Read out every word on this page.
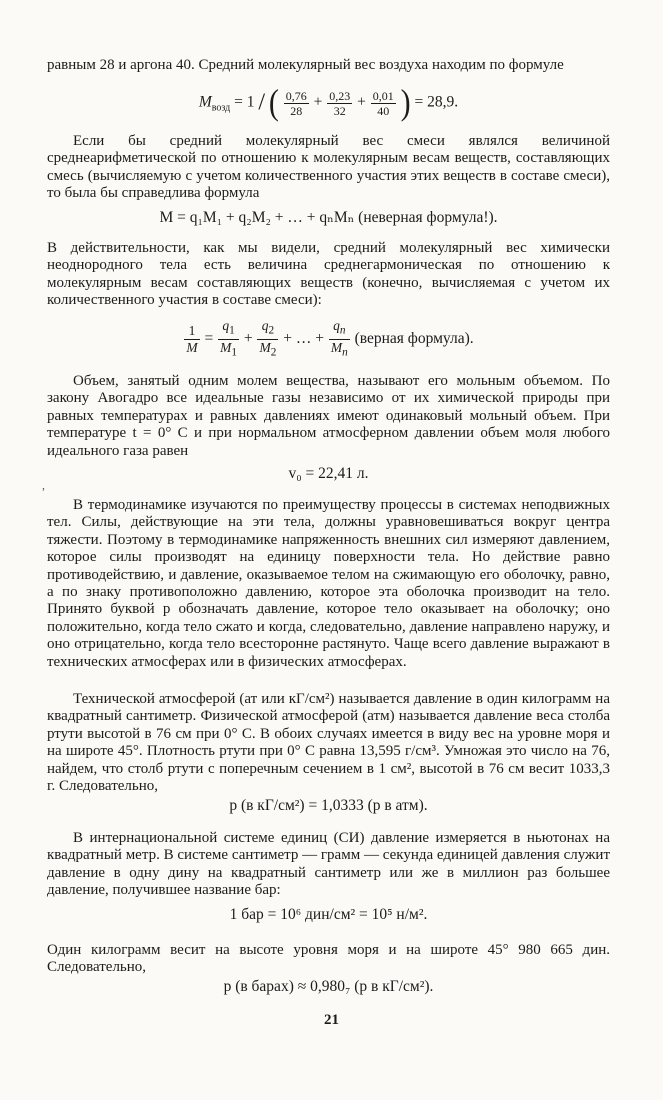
равным 28 и аргона 40. Средний молекулярный вес воздуха находим по формуле

$M_{возд} = 1$ / ( $\frac{0,76}{28} + \frac{0,23}{32} + \frac{0,01}{40}$ ) = 28,9.

Если бы средний молекулярный вес смеси являлся величиной среднеарифметической по отношению к молекулярным весам веществ, составляющих смесь (вычисляемую с учетом количественного участия этих веществ в составе смеси), то была бы справедлива формула

M = q₁M₁ + q₂M₂ + … + qₙMₙ (неверная формула!).

В действительности, как мы видели, средний молекулярный вес химически неоднородного тела есть величина среднегармоническая по отношению к молекулярным весам составляющих веществ (конечно, вычисляемая с учетом их количественного участия в составе смеси):

$\frac{1}{M} = \frac{q_1}{M_1} + \frac{q_2}{M_2}$ + … + $\frac{q_n}{M_n}$ (верная формула).

Объем, занятый одним молем вещества, называют его мольным объемом. По закону Авогадро все идеальные газы независимо от их химической природы при равных температурах и равных давлениях имеют одинаковый мольный объем. При температуре t = 0° С и при нормальном атмосферном давлении объем моля любого идеального газа равен

v₀ = 22,41 л.

В термодинамике изучаются по преимуществу процессы в системах неподвижных тел. Силы, действующие на эти тела, должны уравновешиваться вокруг центра тяжести. Поэтому в термодинамике напряженность внешних сил измеряют давлением, которое силы производят на единицу поверхности тела. Но действие равно противодействию, и давление, оказываемое телом на сжимающую его оболочку, равно, а по знаку противоположно давлению, которое эта оболочка производит на тело. Принято буквой p обозначать давление, которое тело оказывает на оболочку; оно положительно, когда тело сжато и когда, следовательно, давление направлено наружу, и оно отрицательно, когда тело всесторонне растянуто. Чаще всего давление выражают в технических атмосферах или в физических атмосферах.

Технической атмосферой (ат или кГ/см²) называется давление в один килограмм на квадратный сантиметр. Физической атмосферой (атм) называется давление веса столба ртути высотой в 76 см при 0° С. В обоих случаях имеется в виду вес на уровне моря и на широте 45°. Плотность ртути при 0° С равна 13,595 г/см³. Умножая это число на 76, найдем, что столб ртути с поперечным сечением в 1 см², высотой в 76 см весит 1033,3 г. Следовательно,

p (в кГ/см²) = 1,0333 (p в атм).

В интернациональной системе единиц (СИ) давление измеряется в ньютонах на квадратный метр. В системе сантиметр — грамм — секунда единицей давления служит давление в одну дину на квадратный сантиметр или же в миллион раз большее давление, получившее название бар:

1 бар = 10⁶ дин/см² = 10⁵ н/м².

Один килограмм весит на высоте уровня моря и на широте 45° 980 665 дин. Следовательно,

p (в барах) ≈ 0,980₇ (p в кГ/см²).
21
,
